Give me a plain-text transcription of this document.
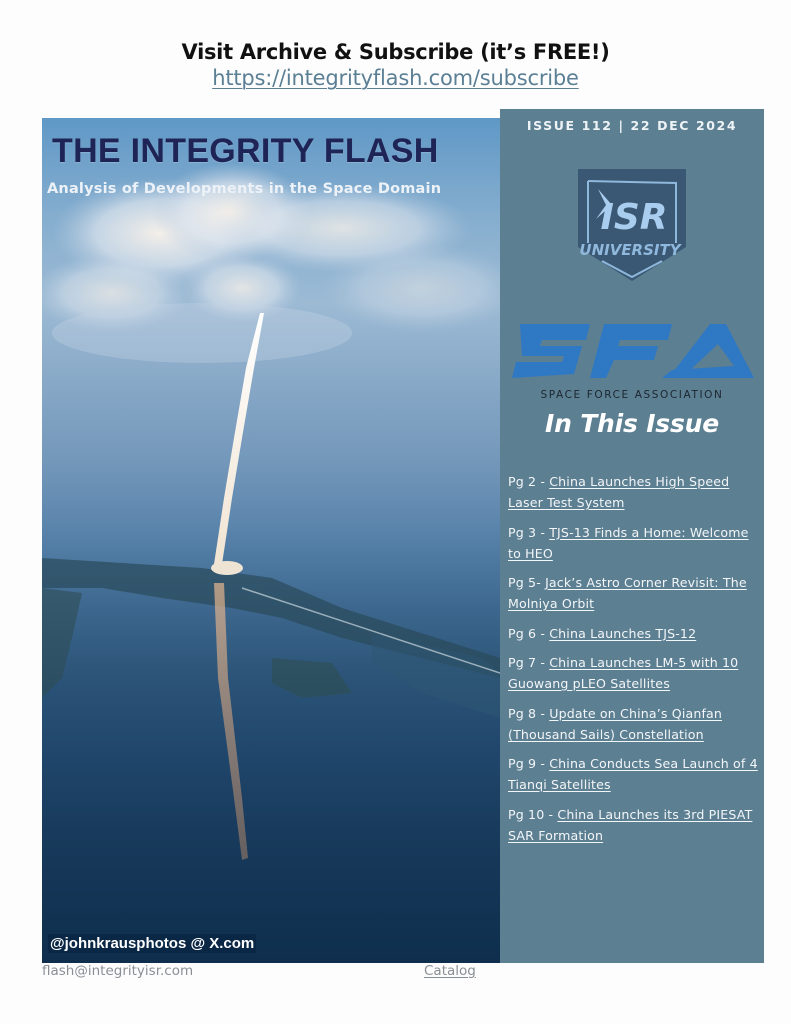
Visit Archive & Subscribe (it’s FREE!)
https://integrityflash.com/subscribe
THE INTEGRITY FLASH
Analysis of Developments in the Space Domain
@johnkrausphotos @ X.com
ISSUE 112 | 22 DEC 2024
ISR
UNIVERSITY
SPACE FORCE ASSOCIATION
In This Issue
Pg 2 - China Launches High Speed Laser Test System
Pg 3 - TJS-13 Finds a Home: Welcome to HEO
Pg 5- Jack’s Astro Corner Revisit: The Molniya Orbit
Pg 6 - China Launches TJS-12
Pg 7 - China Launches LM-5 with 10 Guowang pLEO Satellites
Pg 8 - Update on China’s Qianfan (Thousand Sails) Constellation
Pg 9 - China Conducts Sea Launch of 4 Tianqi Satellites
Pg 10 - China Launches its 3rd PIESAT SAR Formation
flash@integrityisr.com	Catalog
